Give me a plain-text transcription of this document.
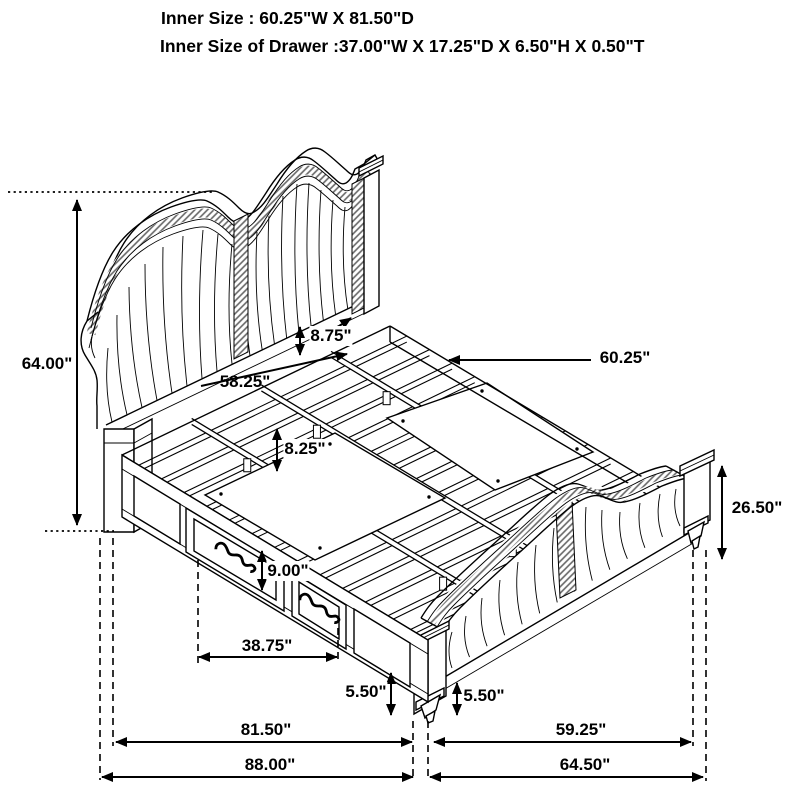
Inner Size : 60.25"W X 81.50"D
Inner Size of Drawer :37.00"W X 17.25"D X 6.50"H X 0.50"T
64.00"
8.75"
58.25"
60.25"
8.25"
9.00"
26.50"
38.75"
5.50"	5.50"
81.50"	59.25"
88.00"	64.50"
